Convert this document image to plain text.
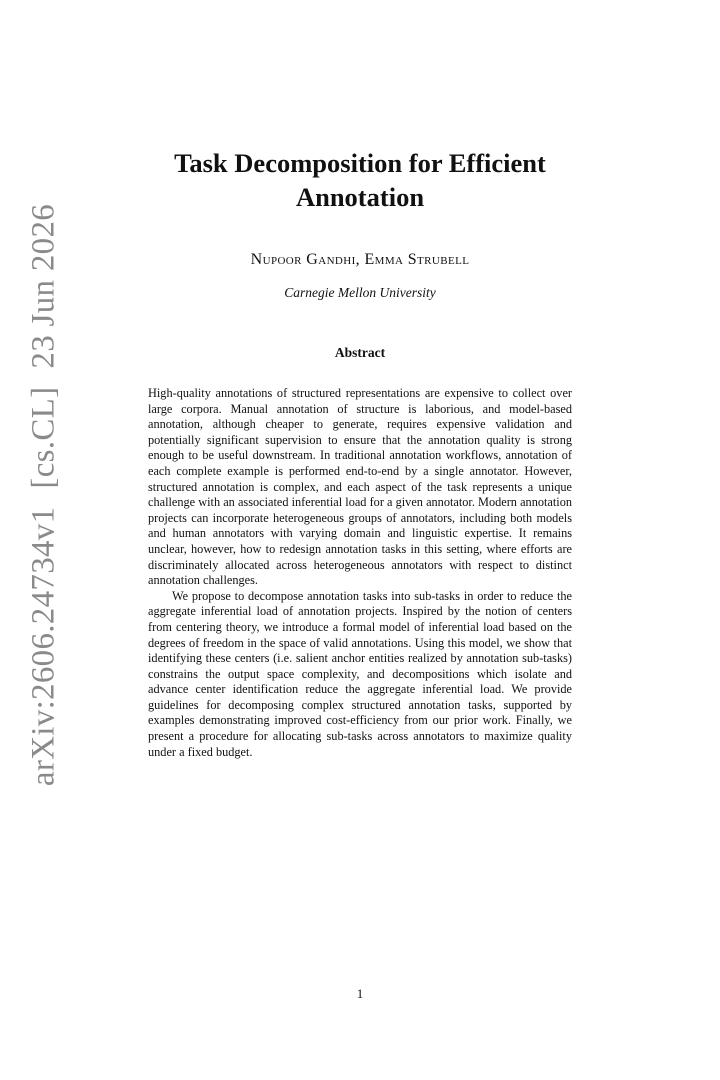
arXiv:2606.24734v1[cs.CL]23 Jun 2026
Task Decomposition for Efficient Annotation
Nupoor Gandhi, Emma Strubell
Carnegie Mellon University
Abstract

High-quality annotations of structured representations are expensive to collect over large corpora. Manual annotation of structure is laborious, and model-based annotation, although cheaper to generate, requires expensive validation and potentially significant supervision to ensure that the annotation quality is strong enough to be useful downstream. In traditional annotation workflows, annotation of each complete example is performed end-to-end by a single annotator. However, structured annotation is complex, and each aspect of the task represents a unique challenge with an associated inferential load for a given annotator. Modern annotation projects can incorporate heterogeneous groups of annotators, including both models and human annotators with varying domain and linguistic expertise. It remains unclear, however, how to redesign annotation tasks in this setting, where efforts are discriminately allocated across heterogeneous annotators with respect to distinct annotation challenges.

We propose to decompose annotation tasks into sub-tasks in order to reduce the aggregate inferential load of annotation projects. Inspired by the notion of centers from centering theory, we introduce a formal model of inferential load based on the degrees of freedom in the space of valid annotations. Using this model, we show that identifying these centers (i.e. salient anchor entities realized by annotation sub-tasks) constrains the output space complexity, and decompositions which isolate and advance center identification reduce the aggregate inferential load. We provide guidelines for decomposing complex structured annotation tasks, supported by examples demonstrating improved cost-efficiency from our prior work. Finally, we present a procedure for allocating sub-tasks across annotators to maximize quality under a fixed budget.

1
